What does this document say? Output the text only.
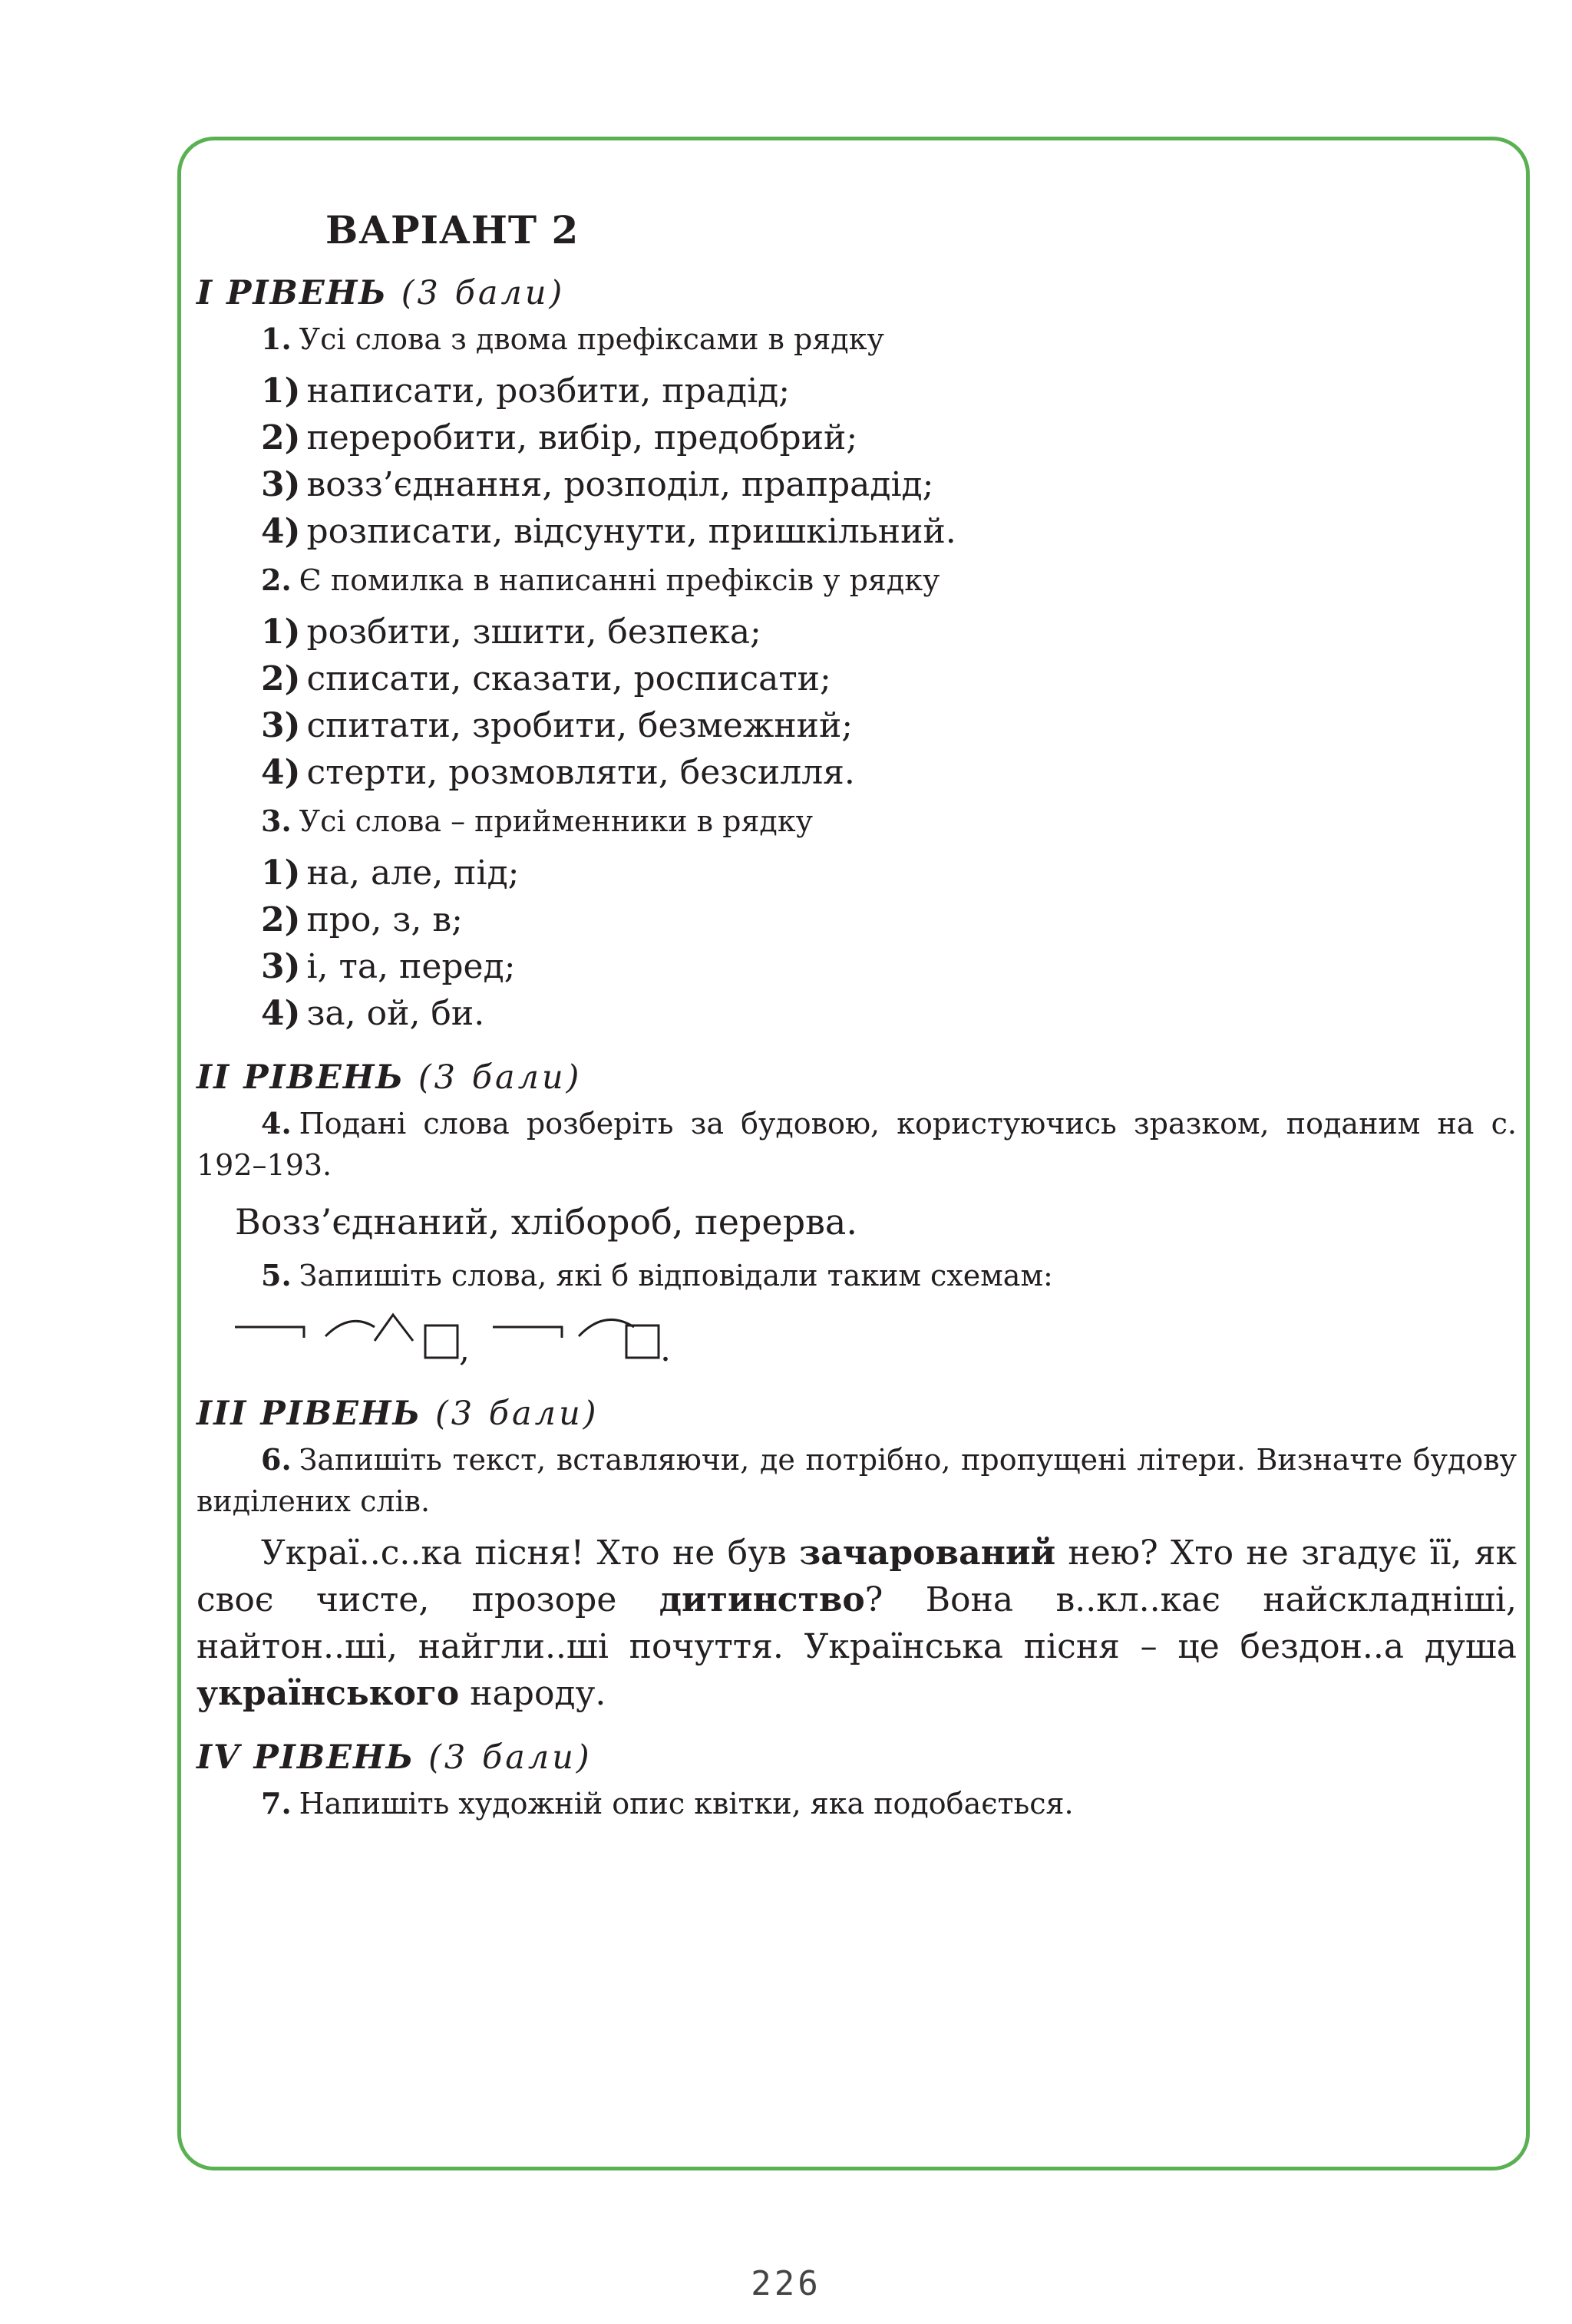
ВАРІАНТ 2
I РІВЕНЬ (3 бали)
1. Усі слова з двома префіксами в рядку
1) написати, розбити, прадід;
2) переробити, вибір, предобрий;
3) возз’єднання, розподіл, прапрадід;
4) розписати, відсунути, пришкільний.
2. Є помилка в написанні префіксів у рядку
1) розбити, зшити, безпека;
2) списати, сказати, росписати;
3) спитати, зробити, безмежний;
4) стерти, розмовляти, безсилля.
3. Усі слова – прийменники в рядку
1) на, але, під;
2) про, з, в;
3) і, та, перед;
4) за, ой, би.
II РІВЕНЬ (3 бали)
4. Подані слова розберіть за будовою, користуючись зразком, поданим на с. 192–193.
Возз’єднаний, хлібороб, перерва.
5. Запишіть слова, які б відповідали таким схемам:
,	.
III РІВЕНЬ (3 бали)
6. Запишіть текст, вставляючи, де потрібно, пропущені літери. Визначте будову виділених слів.
Украї..с..ка пісня! Хто не був зачарований нею? Хто не згадує її, як своє чисте, прозоре дитинство? Вона в..кл..кає найскладніші, найтон..ші, найгли..ші почуття. Українська пісня – це бездон..а душа українського народу.
IV РІВЕНЬ (3 бали)
7. Напишіть художній опис квітки, яка подобається.
226
